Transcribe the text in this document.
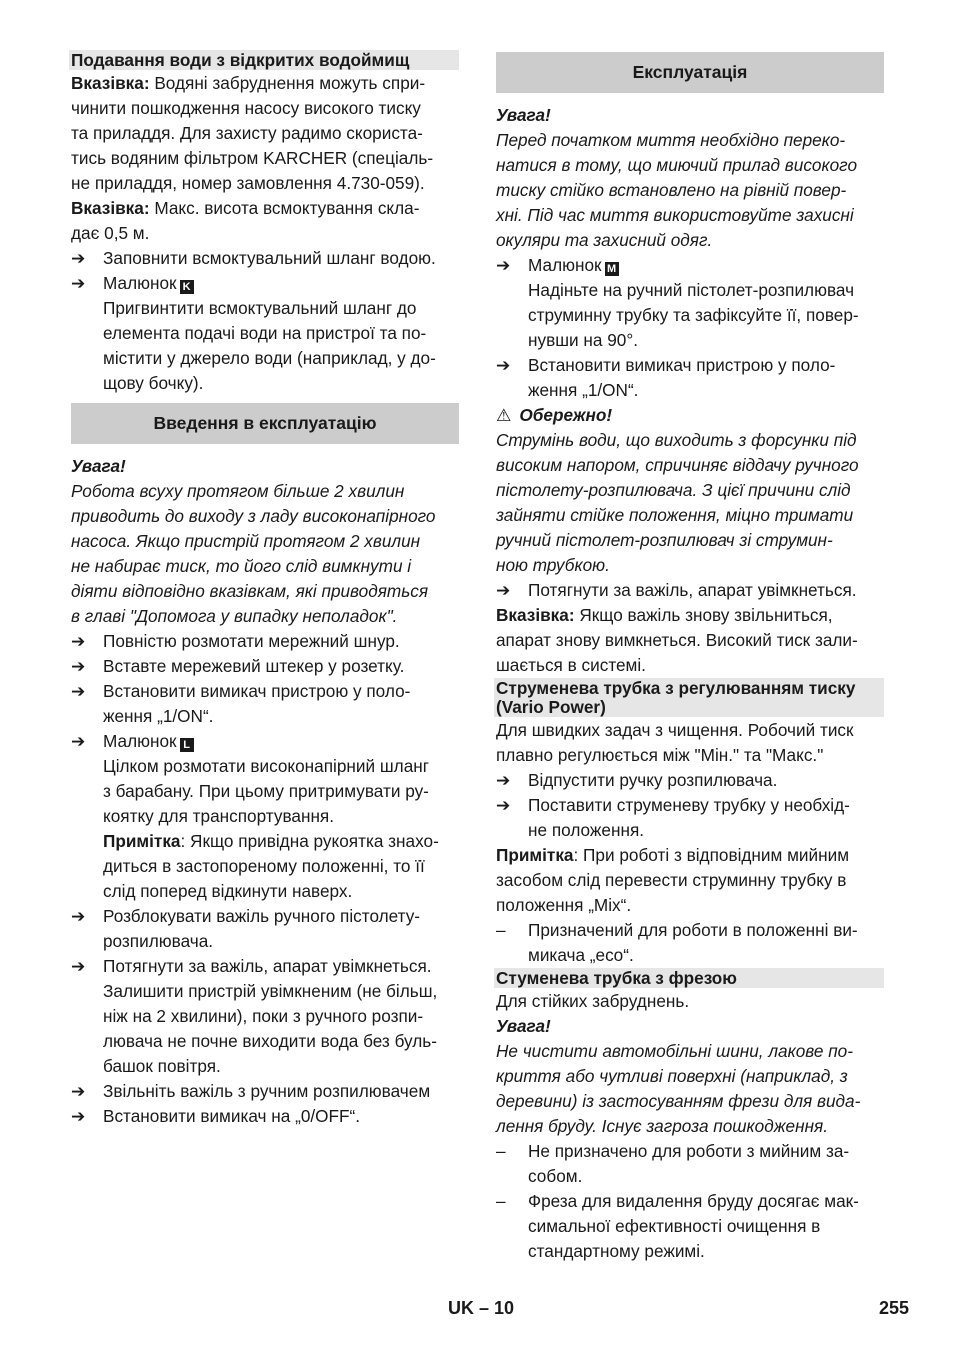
Подавання води з відкритих водоймищ

Вказівка: Водяні забруднення можуть спри-

чинити пошкодження насосу високого тиску

та приладдя. Для захисту радимо скориста-

тись водяним фільтром KARCHER (спеціаль-

не приладдя, номер замовлення 4.730-059).

Вказівка: Макс. висота всмоктування скла-

дає 0,5 м.

➔ Заповнити всмоктувальний шланг водою.
➔ Малюнок K
Пригвинтити всмоктувальний шланг до
елемента подачі води на пристрої та по-
містити у джерело води (наприклад, у до-
щову бочку).
Введення в експлуатацію

Увага!

Робота всуху протягом більше 2 хвилин

приводить до виходу з ладу високонапірного

насоса. Якщо пристрій протягом 2 хвилин

не набирає тиск, то його слід вимкнути і

діяти відповідно вказівкам, які приводяться

в главі "Допомога у випадку неполадок".

➔ Повністю розмотати мережний шнур.
➔ Вставте мережевий штекер у розетку.
➔ Встановити вимикач пристрою у поло-
ження „1/ON“.
➔ Малюнок L
Цілком розмотати високонапірний шланг
з барабану. При цьому притримувати ру-
коятку для транспортування.
Примітка: Якщо привідна рукоятка знахо-
диться в застопореному положенні, то її
слід поперед відкинути наверх.
➔ Розблокувати важіль ручного пістолету-
розпилювача.
➔ Потягнути за важіль, апарат увімкнеться.
Залишити пристрій увімкненим (не більш,
ніж на 2 хвилини), поки з ручного розпи-
лювача не почне виходити вода без буль-
башок повітря.
➔ Звільніть важіль з ручним розпилювачем
➔ Встановити вимикач на „0/OFF“.
Експлуатація

Увага!

Перед початком миття необхідно переко-

натися в тому, що миючий прилад високого

тиску стійко встановлено на рівній повер-

хні. Під час миття використовуйте захисні

окуляри та захисний одяг.

➔ Малюнок M
Надіньте на ручний пістолет-розпилювач
струминну трубку та зафіксуйте її, повер-
нувши на 90°.
➔ Встановити вимикач пристрою у поло-
ження „1/ON“.

⚠ Обережно!

Струмінь води, що виходить з форсунки під

високим напором, спричиняє віддачу ручного

пістолету-розпилювача. З цієї причини слід

зайняти стійке положення, міцно тримати

ручний пістолет-розпилювач зі струмин-

ною трубкою.

➔ Потягнути за важіль, апарат увімкнеться.

Вказівка: Якщо важіль знову звільниться,

апарат знову вимкнеться. Високий тиск зали-

шається в системі.

Струменева трубка з регулюванням тиску
(Vario Power)

Для швидких задач з чищення. Робочий тиск

плавно регулюється між "Мін." та "Макс."

➔ Відпустити ручку розпилювача.
➔ Поставити струменеву трубку у необхід-
не положення.

Примітка: При роботі з відповідним мийним

засобом слід перевести струминну трубку в

положення „Mix“.

– Призначений для роботи в положенні ви-
микача „eco“.
Стуменева трубка з фрезою

Для стійких забруднень.

Увага!

Не чистити автомобільні шини, лакове по-

криття або чутливі поверхні (наприклад, з

деревини) із застосуванням фрези для вида-

лення бруду. Існує загроза пошкодження.

– Не призначено для роботи з мийним за-
собом.
– Фреза для видалення бруду досягає мак-
симальної ефективності очищення в
стандартному режимі.
UK – 10	255
